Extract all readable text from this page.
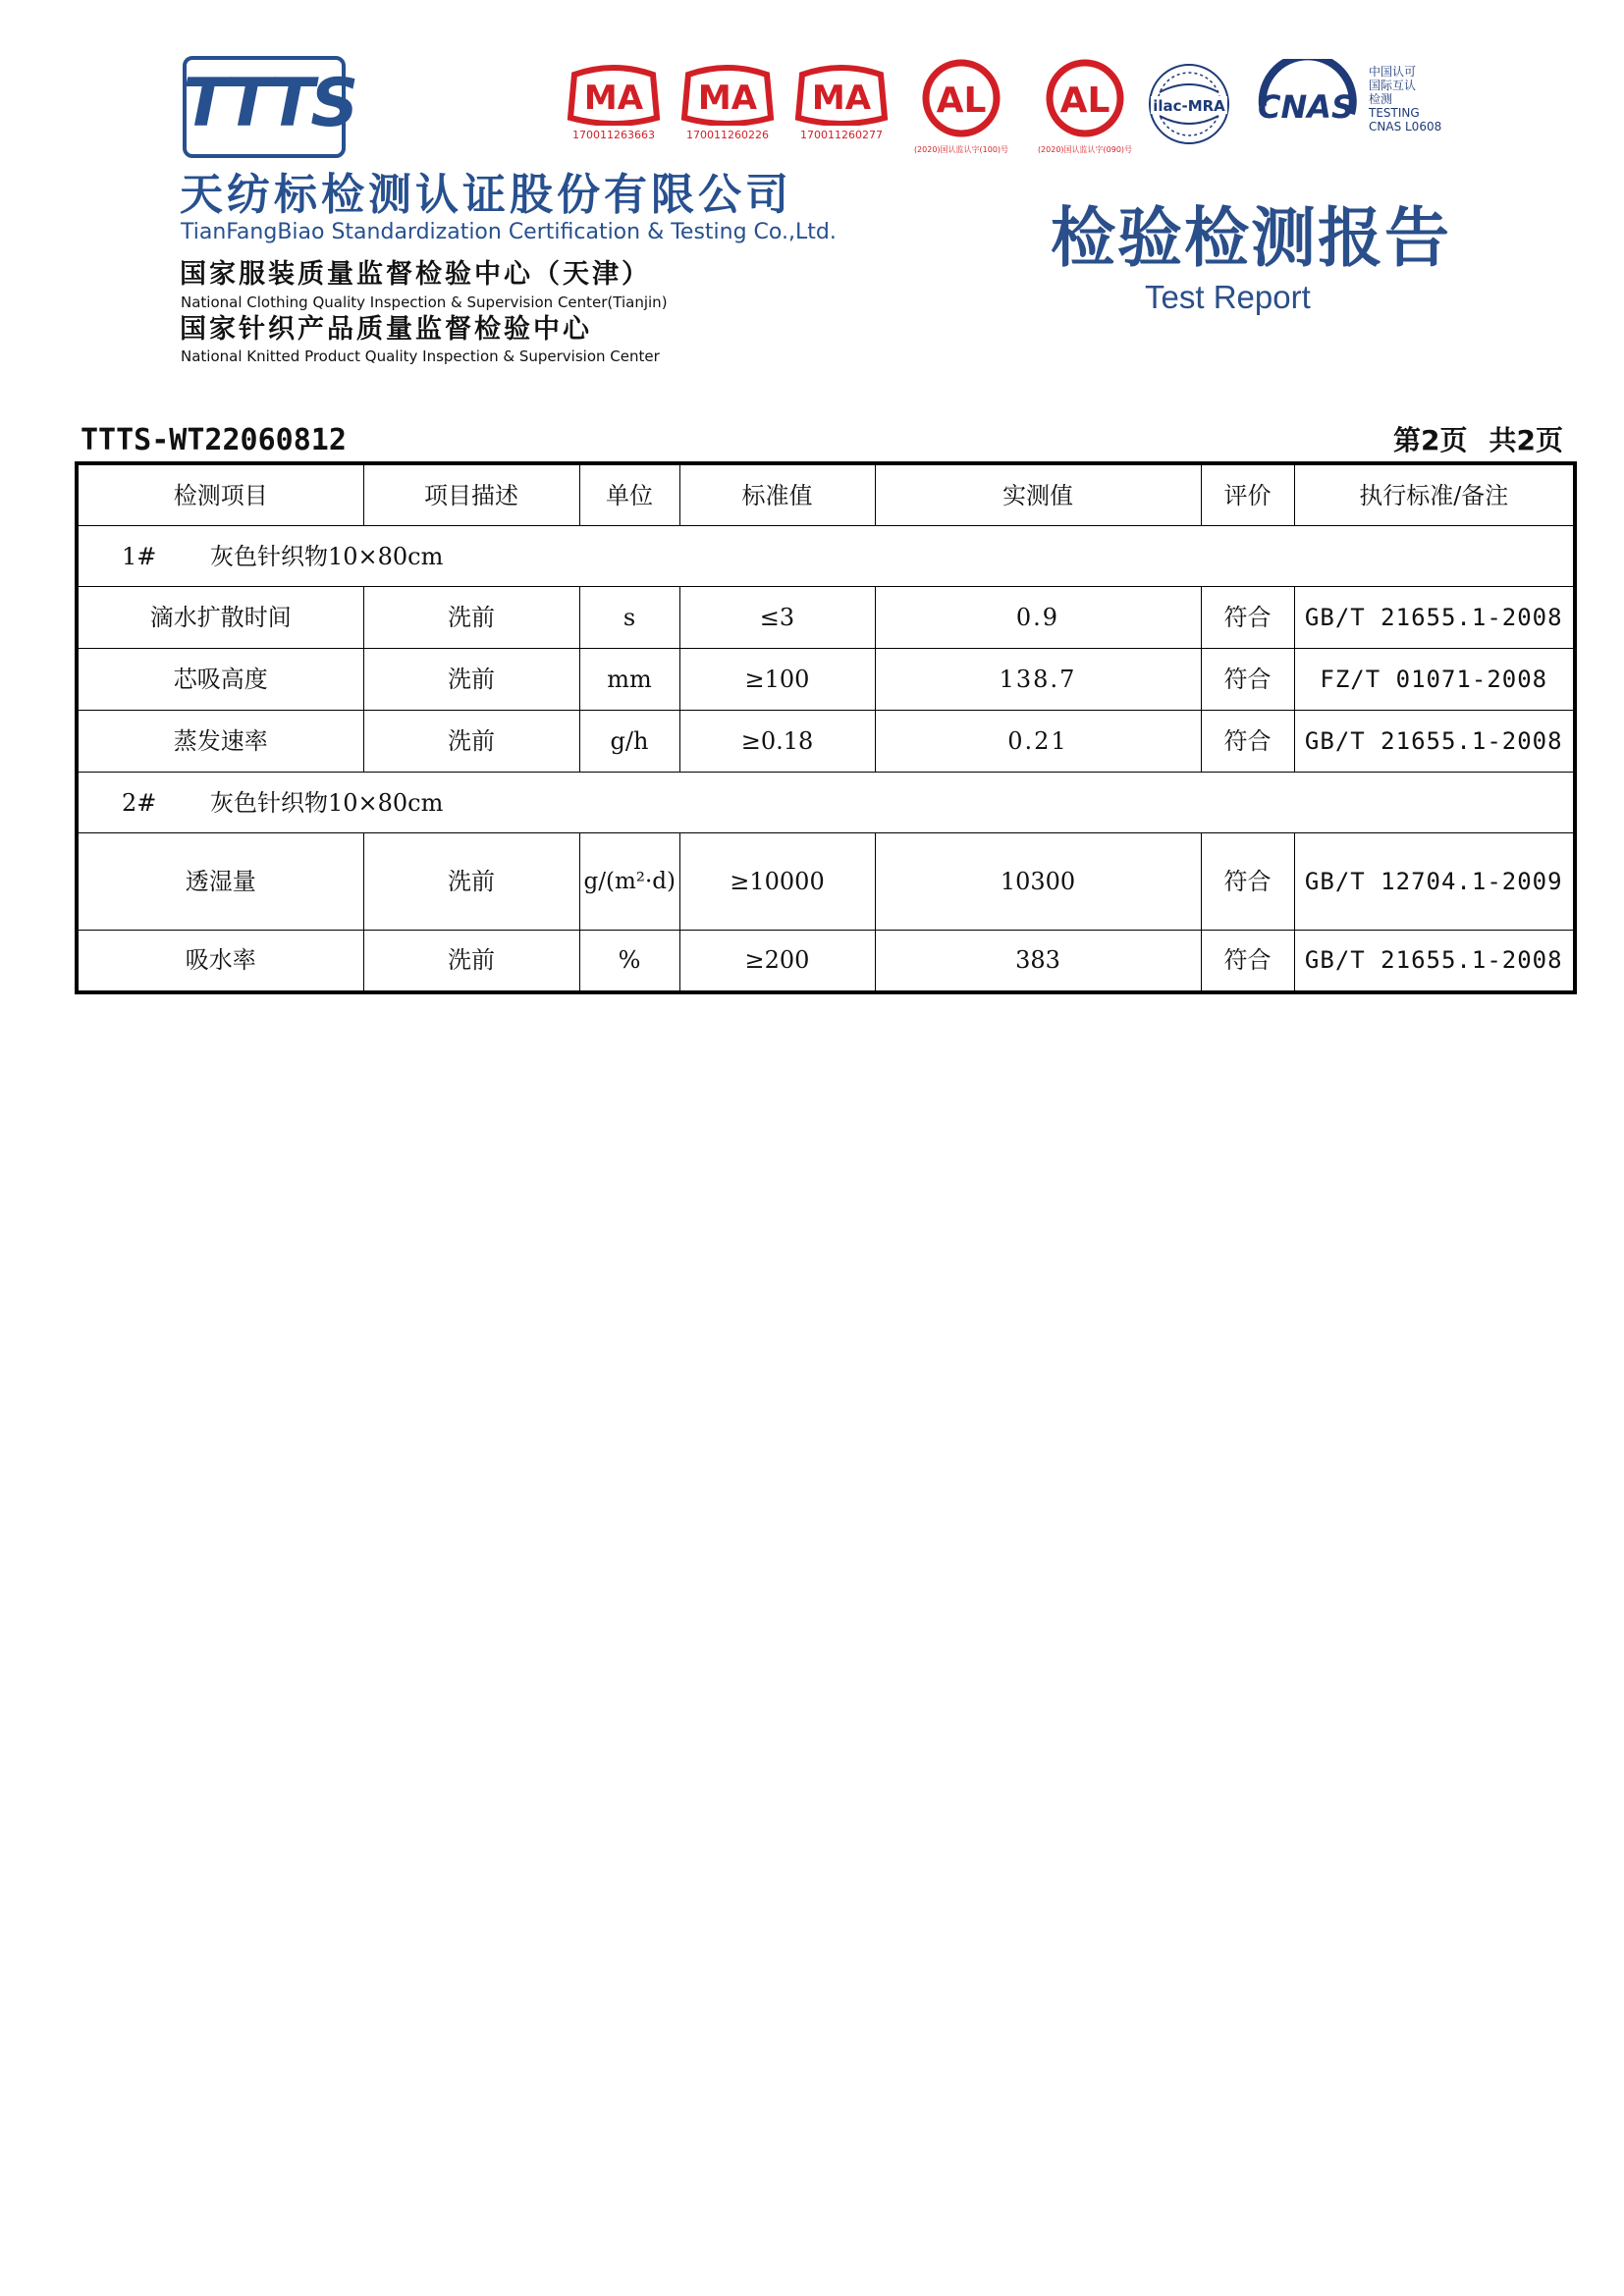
TTTS
天纺标检测认证股份有限公司
TianFangBiao Standardization Certification & Testing Co.,Ltd.
国家服装质量监督检验中心（天津）
National Clothing Quality Inspection & Supervision Center(Tianjin)
国家针织产品质量监督检验中心
National Knitted Product Quality Inspection & Supervision Center
MA
170011263663
MA
170011260226
MA
170011260277
AL
(2020)国认监认字(100)号
AL
(2020)国认监认字(090)号
ilac-MRA CNAS
中国认可
国际互认
检测
TESTING
CNAS L0608
检验检测报告
Test Report
TTTS-WT22060812	第2页 共2页
检测项目	项目描述	单位	标准值	实测值	评价	执行标准/备注
1# 灰色针织物10×80cm						
滴水扩散时间	洗前	s	≤3	0.9	符合	GB/T 21655.1-2008
芯吸高度	洗前	mm	≥100	138.7	符合	FZ/T 01071-2008
蒸发速率	洗前	g/h	≥0.18	0.21	符合	GB/T 21655.1-2008
2# 灰色针织物10×80cm						
透湿量	洗前	g/(m²·d)	≥10000	10300	符合	GB/T 12704.1-2009
吸水率	洗前	%	≥200	383	符合	GB/T 21655.1-2008
